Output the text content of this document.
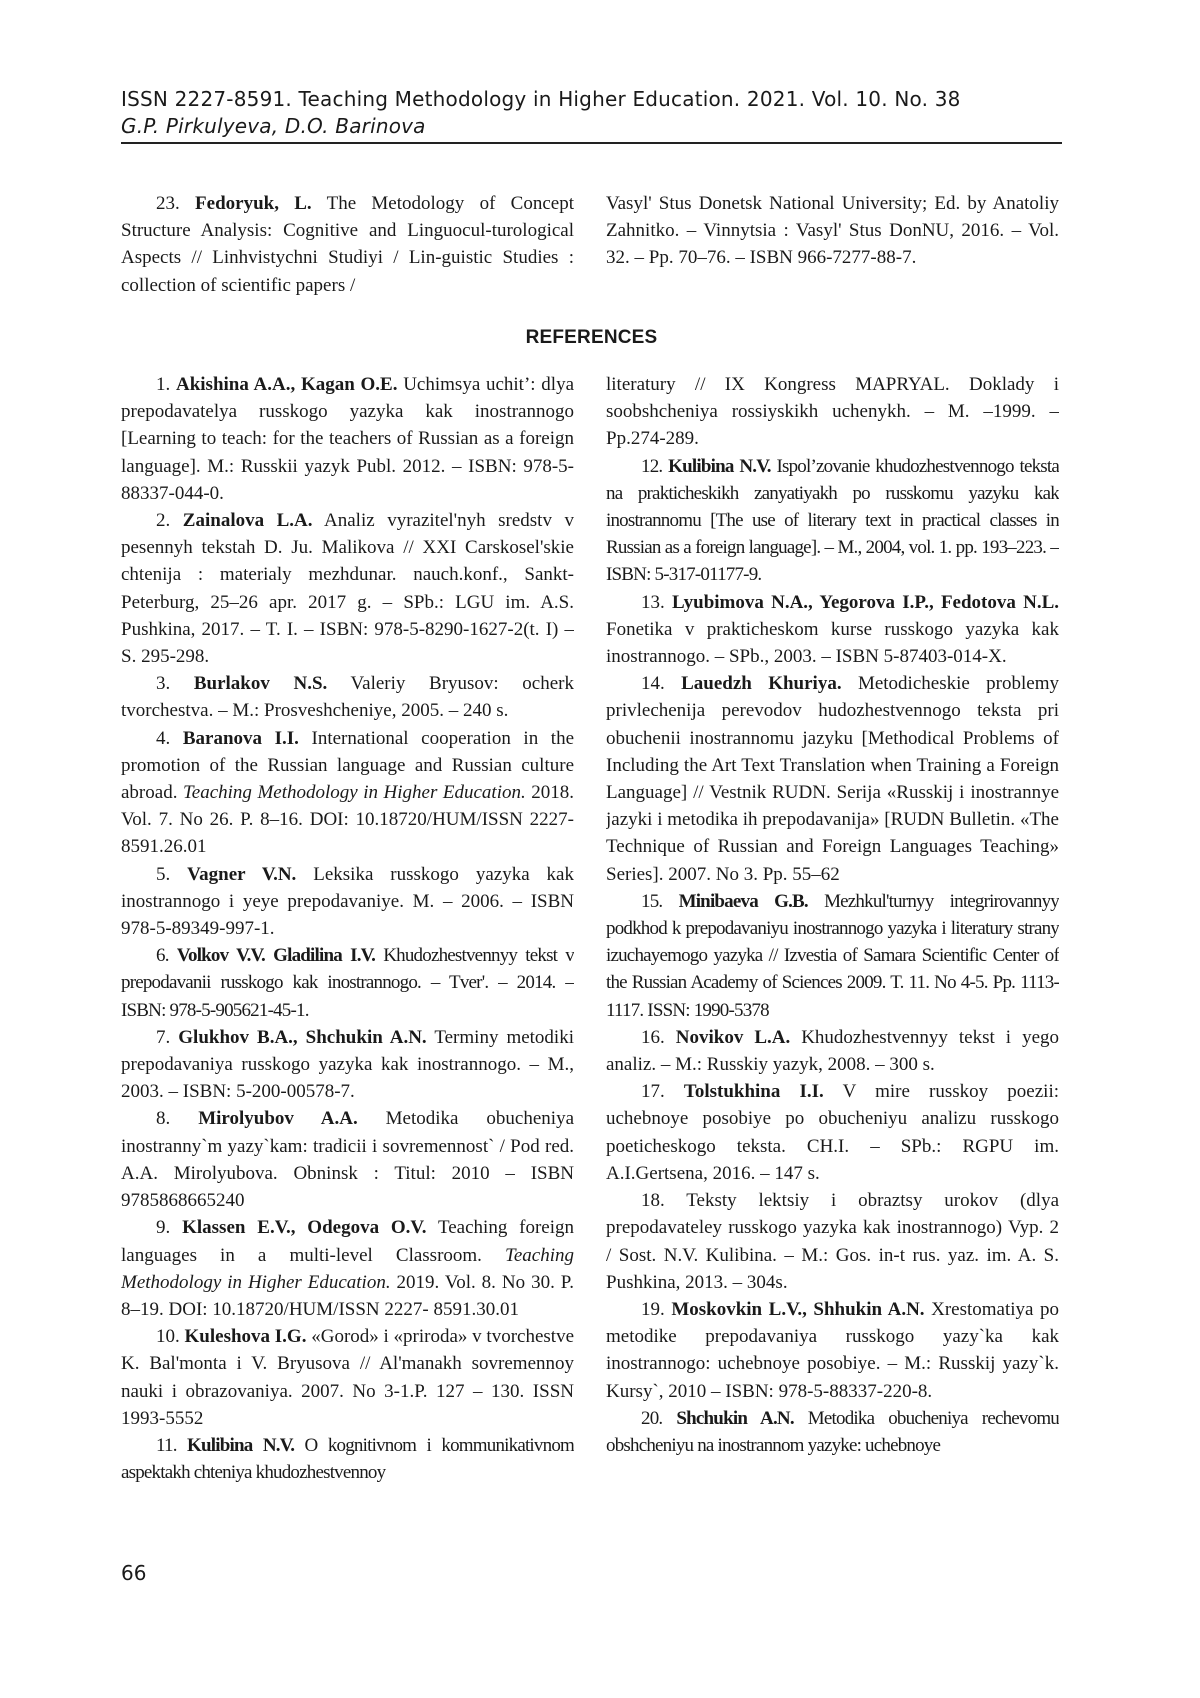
ISSN 2227-8591. Teaching Methodology in Higher Education. 2021. Vol. 10. No. 38
G.P. Pirkulyeva, D.O. Barinova

23. Fedoryuk, L. The Metodology of Concept Structure Analysis: Cognitive and Linguocul-turological Aspects // Linhvistychni Studiyi / Lin-guistic Studies : collection of scientific papers /

Vasyl' Stus Donetsk National University; Ed. by Anatoliy Zahnitko. – Vinnytsia : Vasyl' Stus DonNU, 2016. – Vol. 32. – Pp. 70–76. – ISBN 966-7277-88-7.

REFERENCES

1. Akishina A.A., Kagan O.E. Uchimsya uchit’: dlya prepodavatelya russkogo yazyka kak inostrannogo [Learning to teach: for the teachers of Russian as a foreign language]. M.: Russkii yazyk Publ. 2012. – ISBN: 978-5-88337-044-0.

2. Zainalova L.A. Analiz vyrazitel'nyh sredstv v pesennyh tekstah D. Ju. Malikova // XXI Carskosel'skie chtenija : materialy mezhdunar. nauch.konf., Sankt-Peterburg, 25–26 apr. 2017 g. – SPb.: LGU im. A.S. Pushkina, 2017. – T. I. – ISBN: 978-5-8290-1627-2(t. I) – S. 295-298.

3. Burlakov N.S. Valeriy Bryusov: ocherk tvorchestva. – M.: Prosveshcheniye, 2005. – 240 s.

4. Baranova I.I. International cooperation in the promotion of the Russian language and Russian culture abroad. Teaching Methodology in Higher Education. 2018. Vol. 7. No 26. P. 8–16. DOI: 10.18720/HUM/ISSN 2227-8591.26.01

5. Vagner V.N. Leksika russkogo yazyka kak inostrannogo i yeye prepodavaniye. M. – 2006. – ISBN 978-5-89349-997-1.

6. Volkov V.V. Gladilina I.V. Khudozhestvennyy tekst v prepodavanii russkogo kak inostrannogo. – Tver'. – 2014. – ISBN: 978-5-905621-45-1.

7. Glukhov B.A., Shchukin A.N. Terminy metodiki prepodavaniya russkogo yazyka kak inostrannogo. – M., 2003. – ISBN: 5-200-00578-7.

8. Mirolyubov A.A. Metodika obucheniya inostranny`m yazy`kam: tradicii i sovremennost` / Pod red. A.A. Mirolyubova. Obninsk : Titul: 2010 – ISBN 9785868665240

9. Klassen E.V., Odegova O.V. Teaching foreign languages in a multi-level Classroom. Teaching Methodology in Higher Education. 2019. Vol. 8. No 30. P. 8–19. DOI: 10.18720/HUM/ISSN 2227- 8591.30.01

10. Kuleshova I.G. «Gorod» i «priroda» v tvorchestve K. Bal'monta i V. Bryusova // Al'manakh sovremennoy nauki i obrazovaniya. 2007. No 3-1.P. 127 – 130. ISSN 1993-5552

11. Kulibina N.V. O kognitivnom i kommunikativnom aspektakh chteniya khudozhestvennoy

literatury // IX Kongress MAPRYAL. Doklady i soobshcheniya rossiyskikh uchenykh. – M. –1999. – Pp.274-289.

12. Kulibina N.V. Ispol’zovanie khudozhestvennogo teksta na prakticheskikh zanyatiyakh po russkomu yazyku kak inostrannomu [The use of literary text in practical classes in Russian as a foreign language]. – M., 2004, vol. 1. pp. 193–223. – ISBN: 5-317-01177-9.

13. Lyubimova N.A., Yegorova I.P., Fedotova N.L. Fonetika v prakticheskom kurse russkogo yazyka kak inostrannogo. – SPb., 2003. – ISBN 5-87403-014-X.

14. Lauedzh Khuriya. Metodicheskie problemy privlechenija perevodov hudozhestvennogo teksta pri obuchenii inostrannomu jazyku [Methodical Problems of Including the Art Text Translation when Training a Foreign Language] // Vestnik RUDN. Serija «Russkij i inostrannye jazyki i metodika ih prepodavanija» [RUDN Bulletin. «The Technique of Russian and Foreign Languages Teaching» Series]. 2007. No 3. Pp. 55–62

15. Minibaeva G.B. Mezhkul'turnyy integrirovannyy podkhod k prepodavaniyu inostrannogo yazyka i literatury strany izuchayemogo yazyka // Izvestia of Samara Scientific Center of the Russian Academy of Sciences 2009. T. 11. No 4-5. Pp. 1113-1117. ISSN: 1990-5378

16. Novikov L.A. Khudozhestvennyy tekst i yego analiz. – M.: Russkiy yazyk, 2008. – 300 s.

17. Tolstukhina I.I. V mire russkoy poezii: uchebnoye posobiye po obucheniyu analizu russkogo poeticheskogo teksta. CH.I. – SPb.: RGPU im. A.I.Gertsena, 2016. – 147 s.

18. Teksty lektsiy i obraztsy urokov (dlya prepodavateley russkogo yazyka kak inostrannogo) Vyp. 2 / Sost. N.V. Kulibina. – M.: Gos. in-t rus. yaz. im. A. S. Pushkina, 2013. – 304s.

19. Moskovkin L.V., Shhukin A.N. Xrestomatiya po metodike prepodavaniya russkogo yazy`ka kak inostrannogo: uchebnoye posobiye. – M.: Russkij yazy`k. Kursy`, 2010 – ISBN: 978-5-88337-220-8.

20. Shchukin A.N. Metodika obucheniya rechevomu obshcheniyu na inostrannom yazyke: uchebnoye

66
